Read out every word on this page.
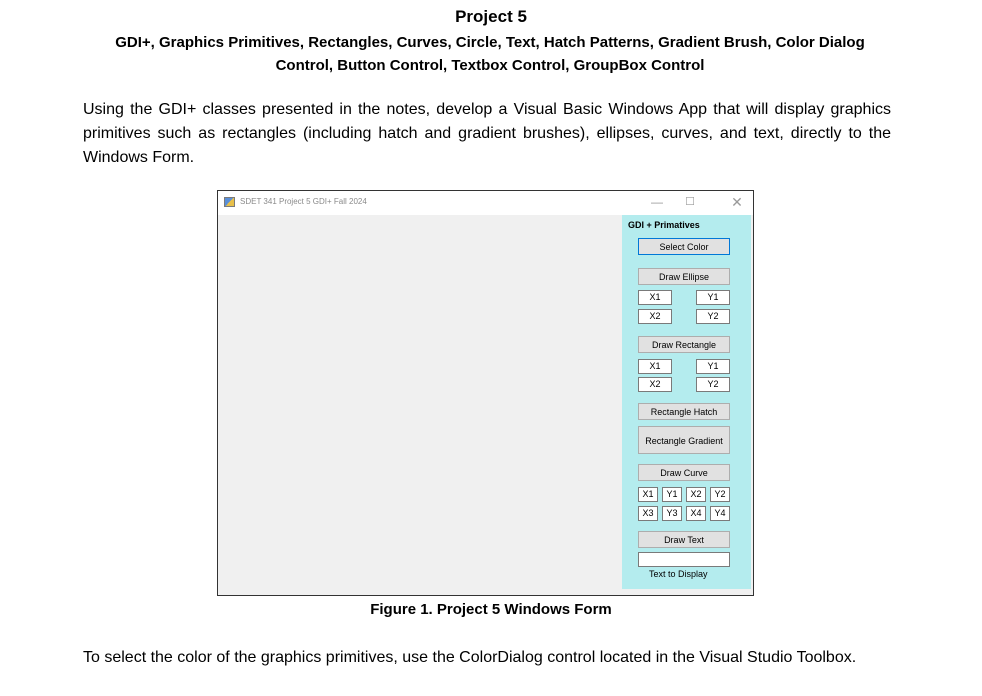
Project 5
GDI+, Graphics Primitives, Rectangles, Curves, Circle, Text, Hatch Patterns, Gradient Brush, Color Dialog Control, Button Control, Textbox Control, GroupBox Control
Using the GDI+ classes presented in the notes, develop a Visual Basic Windows App that will display graphics primitives such as rectangles (including hatch and gradient brushes), ellipses, curves, and text, directly to the Windows Form.
SDET 341 Project 5 GDI+ Fall 2024	—	☐	✕
GDI + Primatives
Select Color
Draw Ellipse
X1	Y1
X2	Y2
Draw Rectangle
X1	Y1
X2	Y2
Rectangle Hatch
Rectangle Gradient
Draw Curve
X1	Y1	X2	Y2
X3	Y3	X4	Y4
Draw Text
Text to Display
Figure 1. Project 5 Windows Form
To select the color of the graphics primitives, use the ColorDialog control located in the Visual Studio Toolbox.
